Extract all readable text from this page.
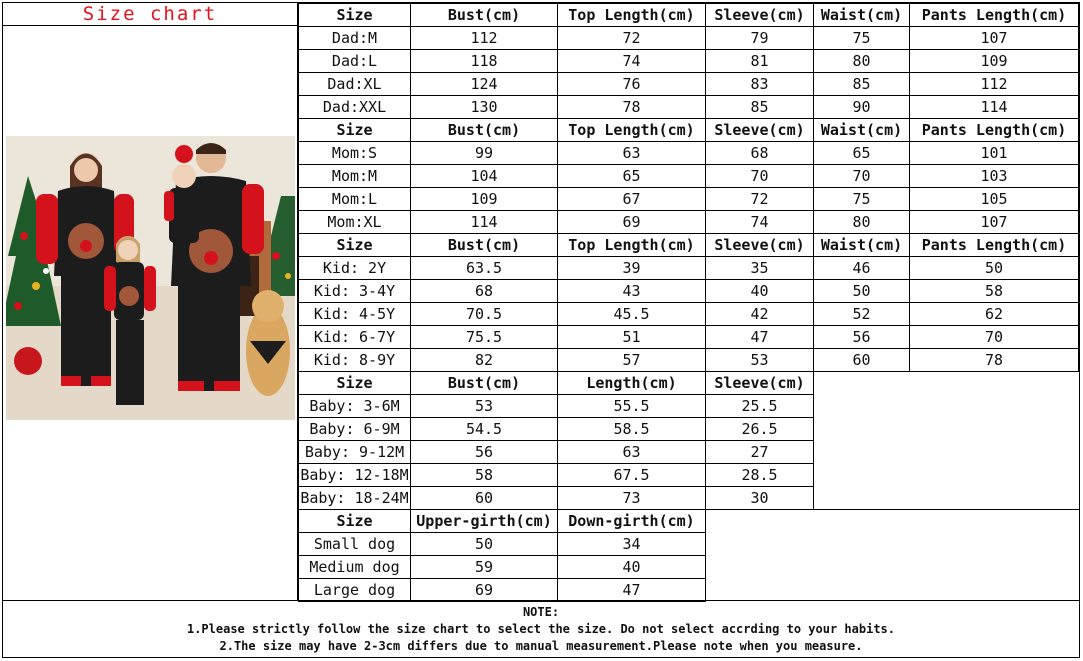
Size chart	Size	Bust(cm)	Top Length(cm)	Sleeve(cm)	Waist(cm)	Pants Length(cm)
Dad:M	112	72	79	75	107
Dad:L	118	74	81	80	109
Dad:XL	124	76	83	85	112
Dad:XXL	130	78	85	90	114
Size	Bust(cm)	Top Length(cm)	Sleeve(cm)	Waist(cm)	Pants Length(cm)
Mom:S	99	63	68	65	101
Mom:M	104	65	70	70	103
Mom:L	109	67	72	75	105
Mom:XL	114	69	74	80	107
Size	Bust(cm)	Top Length(cm)	Sleeve(cm)	Waist(cm)	Pants Length(cm)
Kid: 2Y	63.5	39	35	46	50
Kid: 3-4Y	68	43	40	50	58
Kid: 4-5Y	70.5	45.5	42	52	62
Kid: 6-7Y	75.5	51	47	56	70
Kid: 8-9Y	82	57	53	60	78
Size	Bust(cm)	Length(cm)	Sleeve(cm)		
Baby: 3-6M	53	55.5	25.5		
Baby: 6-9M	54.5	58.5	26.5		
Baby: 9-12M	56	63	27		
Baby: 12-18M	58	67.5	28.5		
Baby: 18-24M	60	73	30		
Size	Upper-girth(cm)	Down-girth(cm)			
Small dog	50	34			
Medium dog	59	40			
Large dog	69	47			
NOTE:
1.Please strictly follow the size chart to select the size. Do not select accrding to your habits.
2.The size may have 2-3cm differs due to manual measurement.Please note when you measure.
